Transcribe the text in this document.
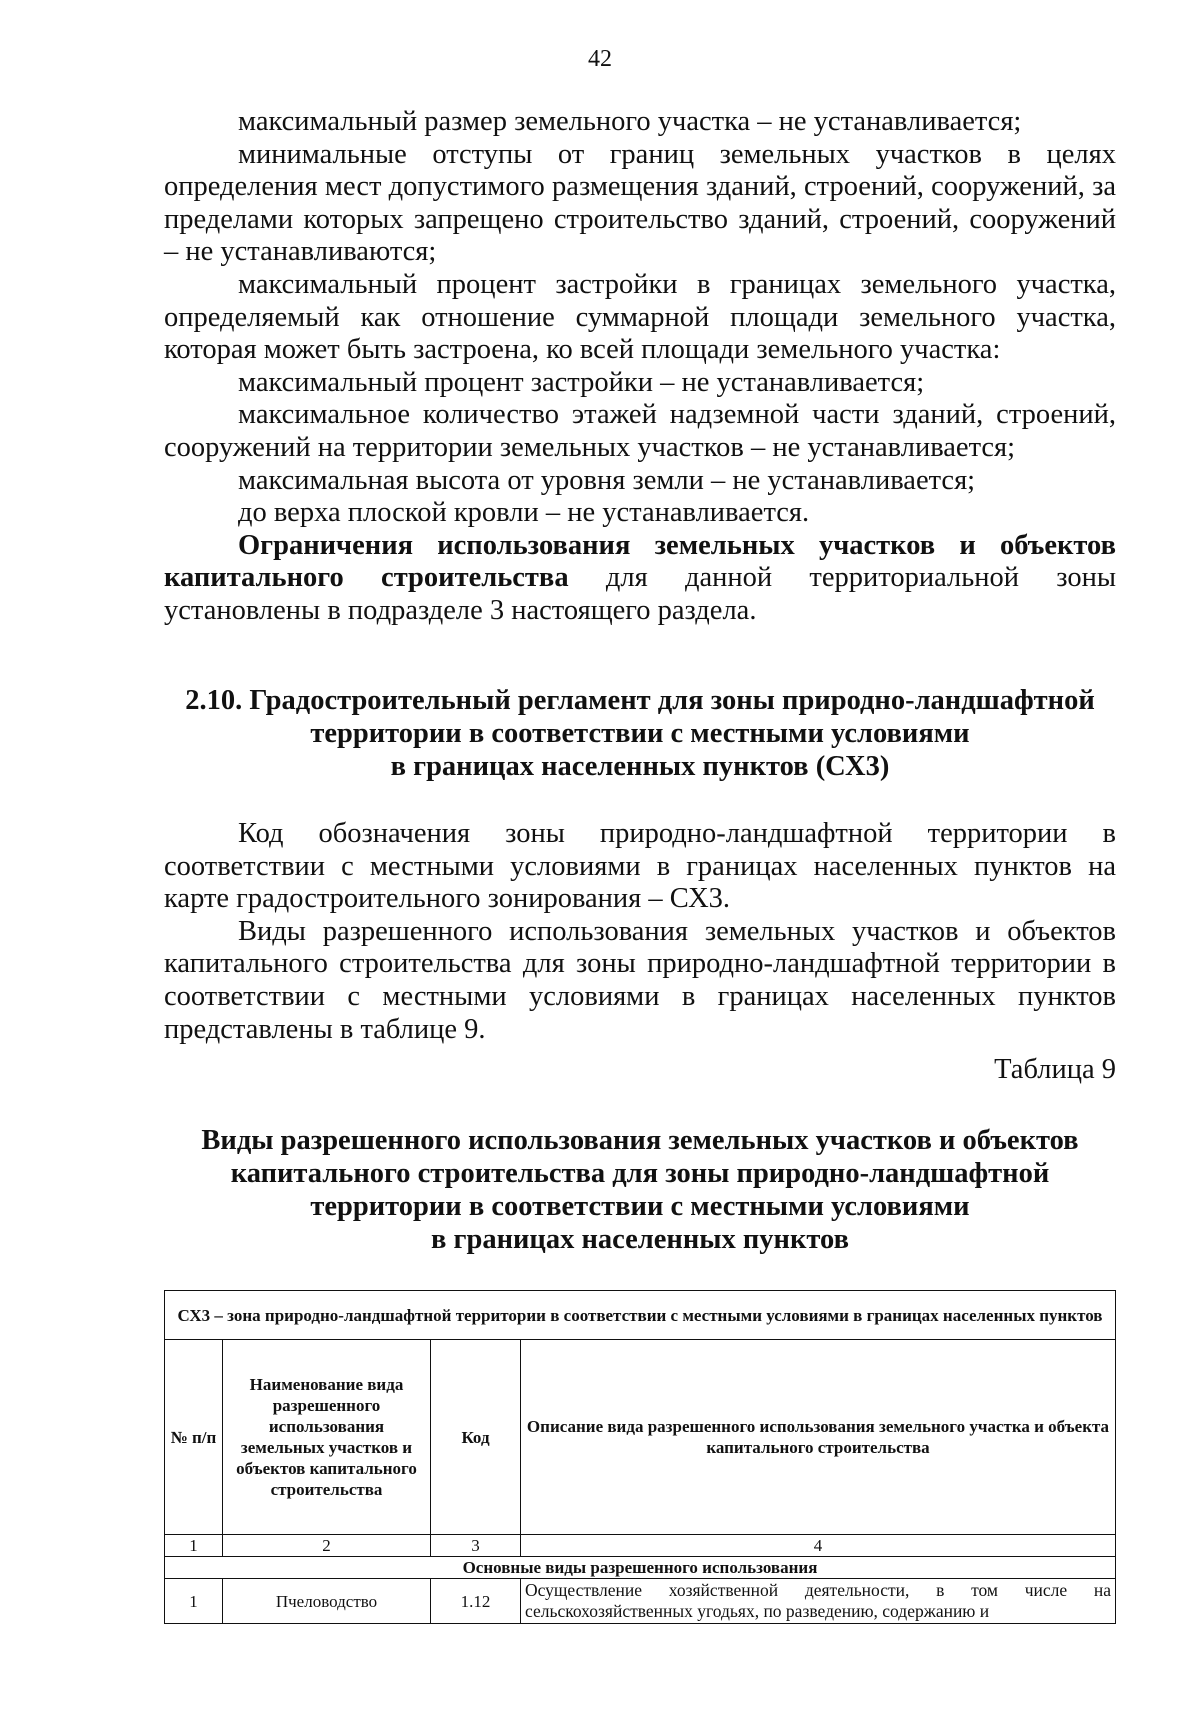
42

максимальный размер земельного участка – не устанавливается;

минимальные отступы от границ земельных участков в целях определения мест допустимого размещения зданий, строений, сооружений, за пределами которых запрещено строительство зданий, строений, сооружений – не устанавливаются;

максимальный процент застройки в границах земельного участка, определяемый как отношение суммарной площади земельного участка, которая может быть застроена, ко всей площади земельного участка:

максимальный процент застройки – не устанавливается;

максимальное количество этажей надземной части зданий, строений, сооружений на территории земельных участков – не устанавливается;

максимальная высота от уровня земли – не устанавливается;

до верха плоской кровли – не устанавливается.

Ограничения использования земельных участков и объектов капитального строительства для данной территориальной зоны установлены в подразделе 3 настоящего раздела.

2.10. Градостроительный регламент для зоны природно-ландшафтной
территории в соответствии с местными условиями
в границах населенных пунктов (СХ3)

Код обозначения зоны природно-ландшафтной территории в соответствии с местными условиями в границах населенных пунктов на карте градостроительного зонирования – СХ3.

Виды разрешенного использования земельных участков и объектов капитального строительства для зоны природно-ландшафтной территории в соответствии с местными условиями в границах населенных пунктов представлены в таблице 9.

Таблица 9
Виды разрешенного использования земельных участков и объектов
капитального строительства для зоны природно-ландшафтной
территории в соответствии с местными условиями
в границах населенных пунктов
СХ3 – зона природно-ландшафтной территории в соответствии с местными условиями в границах населенных пунктов			
№ п/п	Наименование вида разрешенного использования земельных участков и объектов капитального строительства	Код	Описание вида разрешенного использования земельного участка и объекта капитального строительства
1	2	3	4
Основные виды разрешенного использования			
1	Пчеловодство	1.12	Осуществление хозяйственной деятельности, в том числе на сельскохозяйственных угодьях, по разведению, содержанию и
